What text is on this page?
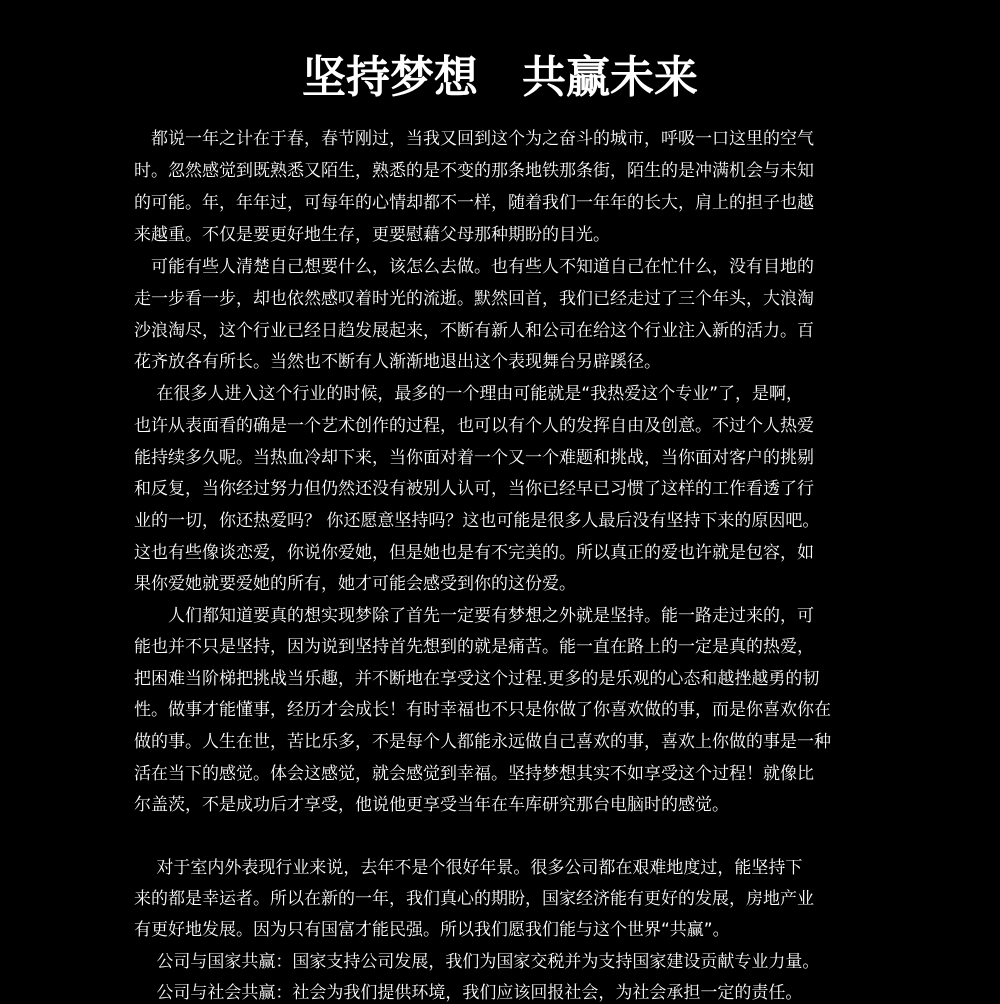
坚持梦想　共赢未来
　都说一年之计在于春，春节刚过，当我又回到这个为之奋斗的城市，呼吸一口这里的空气
时。忽然感觉到既熟悉又陌生，熟悉的是不变的那条地铁那条街，陌生的是冲满机会与未知
的可能。年，年年过，可每年的心情却都不一样，随着我们一年年的长大，肩上的担子也越
来越重。不仅是要更好地生存，更要慰藉父母那种期盼的目光。
　可能有些人清楚自己想要什么，该怎么去做。也有些人不知道自己在忙什么，没有目地的
走一步看一步，却也依然感叹着时光的流逝。默然回首，我们已经走过了三个年头，大浪淘
沙浪淘尽，这个行业已经日趋发展起来，不断有新人和公司在给这个行业注入新的活力。百
花齐放各有所长。当然也不断有人渐渐地退出这个表现舞台另辟蹊径。
　 在很多人进入这个行业的时候，最多的一个理由可能就是“我热爱这个专业”了，是啊，
也许从表面看的确是一个艺术创作的过程，也可以有个人的发挥自由及创意。不过个人热爱
能持续多久呢。当热血冷却下来，当你面对着一个又一个难题和挑战，当你面对客户的挑剔
和反复，当你经过努力但仍然还没有被别人认可，当你已经早已习惯了这样的工作看透了行
业的一切，你还热爱吗？ 你还愿意坚持吗？这也可能是很多人最后没有坚持下来的原因吧。
这也有些像谈恋爱，你说你爱她，但是她也是有不完美的。所以真正的爱也许就是包容，如
果你爱她就要爱她的所有，她才可能会感受到你的这份爱。
　　人们都知道要真的想实现梦除了首先一定要有梦想之外就是坚持。能一路走过来的，可
能也并不只是坚持，因为说到坚持首先想到的就是痛苦。能一直在路上的一定是真的热爱，
把困难当阶梯把挑战当乐趣，并不断地在享受这个过程.更多的是乐观的心态和越挫越勇的韧
性。做事才能懂事，经历才会成长！有时幸福也不只是你做了你喜欢做的事，而是你喜欢你在
做的事。人生在世，苦比乐多，不是每个人都能永远做自己喜欢的事，喜欢上你做的事是一种
活在当下的感觉。体会这感觉，就会感觉到幸福。坚持梦想其实不如享受这个过程！就像比
尔盖茨，不是成功后才享受，他说他更享受当年在车库研究那台电脑时的感觉。
　 对于室内外表现行业来说，去年不是个很好年景。很多公司都在艰难地度过，能坚持下
来的都是幸运者。所以在新的一年，我们真心的期盼，国家经济能有更好的发展，房地产业
有更好地发展。因为只有国富才能民强。所以我们愿我们能与这个世界“共赢”。
　 公司与国家共赢：国家支持公司发展，我们为国家交税并为支持国家建设贡献专业力量。
　 公司与社会共赢：社会为我们提供环境，我们应该回报社会，为社会承担一定的责任。
